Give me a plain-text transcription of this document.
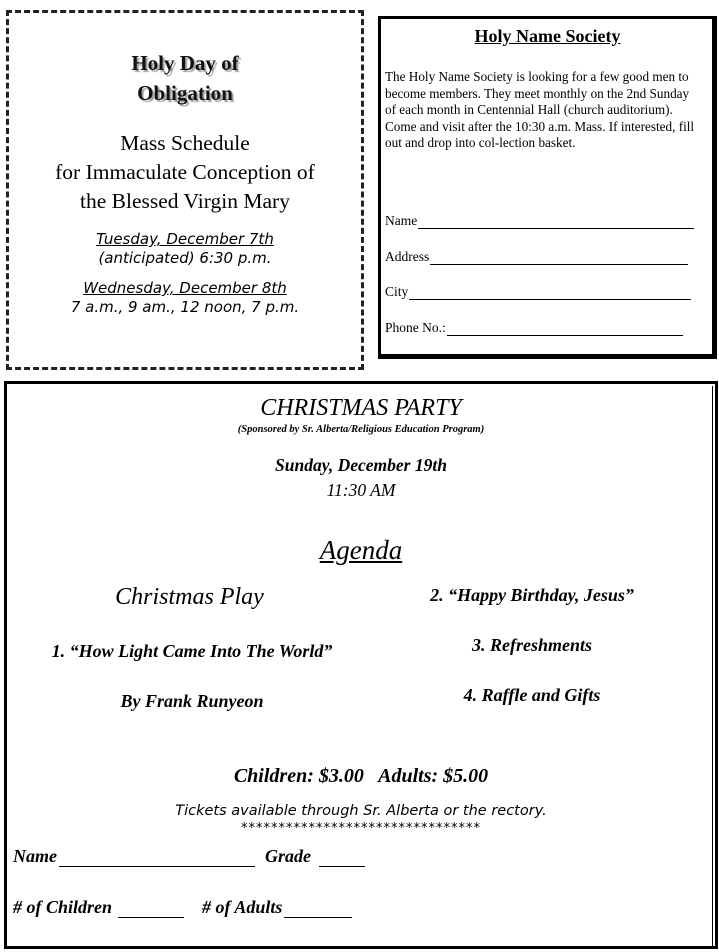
Holy Day of
Obligation
Mass Schedule
for Immaculate Conception of
the Blessed Virgin Mary
Tuesday, December 7th
(anticipated) 6:30 p.m.
Wednesday, December 8th
7 a.m., 9 am., 12 noon, 7 p.m.
Holy Name Society
The Holy Name Society is looking for a few good men to become members. They meet monthly on the 2nd Sunday of each month in Centennial Hall (church auditorium). Come and visit after the 10:30 a.m. Mass. If interested, fill out and drop into col-lection basket.
Name
Address
City
Phone No.:
CHRISTMAS PARTY
(Sponsored by Sr. Alberta/Religious Education Program)
Sunday, December 19th
11:30 AM
Agenda
Christmas Play
1. “How Light Came Into The World”
By Frank Runyeon
2. “Happy Birthday, Jesus”
3. Refreshments
4. Raffle and Gifts
Children: $3.00   Adults: $5.00
Tickets available through Sr. Alberta or the rectory.
********************************
Name	Grade
# of Children	# of Adults
